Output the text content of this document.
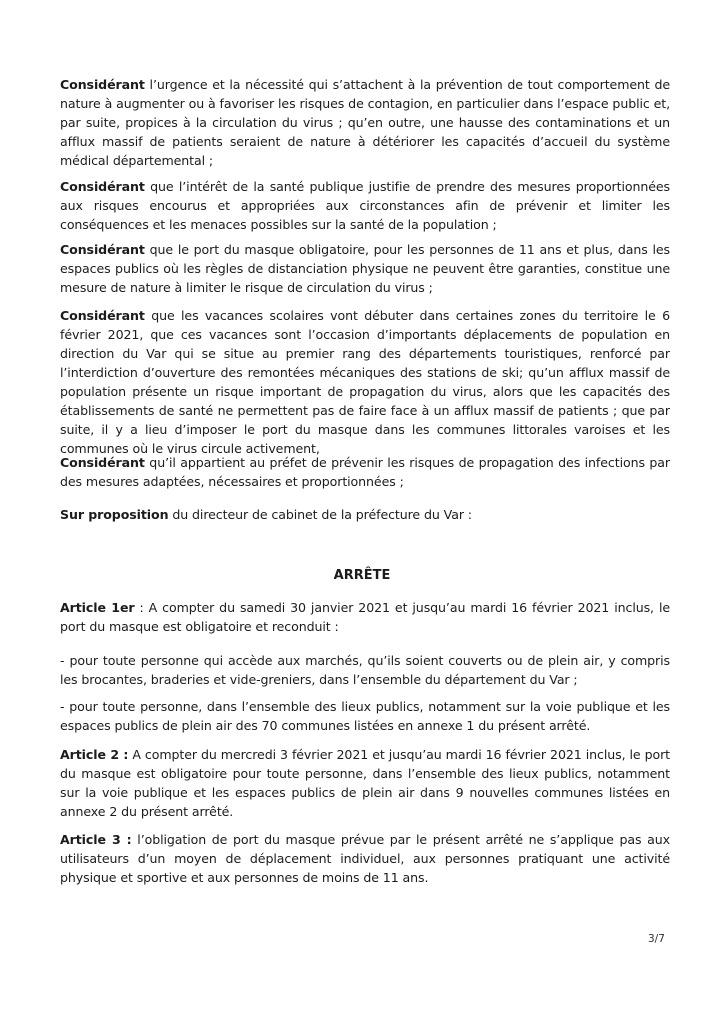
Considérant l’urgence et la nécessité qui s’attachent à la prévention de tout comportement de nature à augmenter ou à favoriser les risques de contagion, en particulier dans l’espace public et, par suite, propices à la circulation du virus ; qu’en outre, une hausse des contaminations et un afflux massif de patients seraient de nature à détériorer les capacités d’accueil du système médical départemental ;

Considérant que l’intérêt de la santé publique justifie de prendre des mesures proportionnées aux risques encourus et appropriées aux circonstances afin de prévenir et limiter les conséquences et les menaces possibles sur la santé de la population ;

Considérant que le port du masque obligatoire, pour les personnes de 11 ans et plus, dans les espaces publics où les règles de distanciation physique ne peuvent être garanties, constitue une mesure de nature à limiter le risque de circulation du virus ;

Considérant que les vacances scolaires vont débuter dans certaines zones du territoire le 6 février 2021, que ces vacances sont l’occasion d’importants déplacements de population en direction du Var qui se situe au premier rang des départements touristiques, renforcé par l’interdiction d’ouverture des remontées mécaniques des stations de ski; qu’un afflux massif de population présente un risque important de propagation du virus, alors que les capacités des établissements de santé ne permettent pas de faire face à un afflux massif de patients ; que par suite, il y a lieu d’imposer le port du masque dans les communes littorales varoises et les communes où le virus circule activement,

Considérant qu’il appartient au préfet de prévenir les risques de propagation des infections par des mesures adaptées, nécessaires et proportionnées ;

Sur proposition du directeur de cabinet de la préfecture du Var :

ARRÊTE

Article 1er : A compter du samedi 30 janvier 2021 et jusqu’au mardi 16 février 2021 inclus, le port du masque est obligatoire et reconduit :

- pour toute personne qui accède aux marchés, qu’ils soient couverts ou de plein air, y compris les brocantes, braderies et vide-greniers, dans l’ensemble du département du Var ;

- pour toute personne, dans l’ensemble des lieux publics, notamment sur la voie publique et les espaces publics de plein air des 70 communes listées en annexe 1 du présent arrêté.

Article 2 : A compter du mercredi 3 février 2021 et jusqu’au mardi 16 février 2021 inclus, le port du masque est obligatoire pour toute personne, dans l’ensemble des lieux publics, notamment sur la voie publique et les espaces publics de plein air dans 9 nouvelles communes listées en annexe 2 du présent arrêté.

Article 3 : l’obligation de port du masque prévue par le présent arrêté ne s’applique pas aux utilisateurs d’un moyen de déplacement individuel, aux personnes pratiquant une activité physique et sportive et aux personnes de moins de 11 ans.

3/7
